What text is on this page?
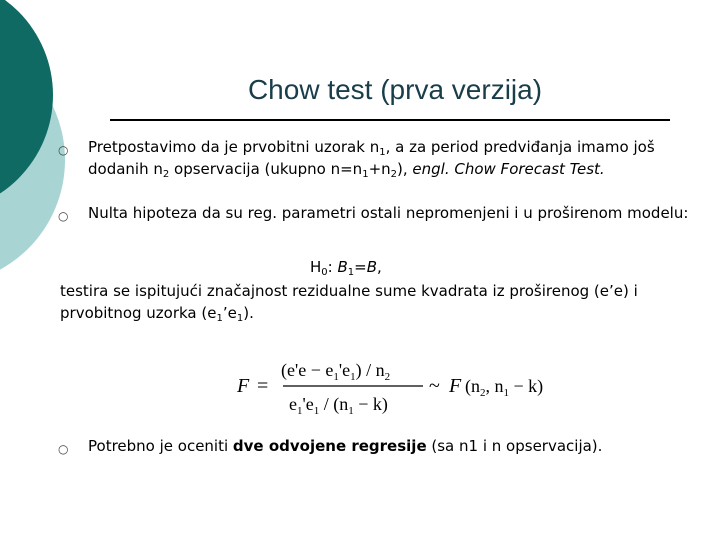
Chow test (prva verzija)
○ Pretpostavimo da je prvobitni uzorak $n_1$, a za period predviđanja imamo još dodanih $n_2$ opservacija (ukupno $n=n_1+n_2$), engl. Chow Forecast Test.
○ Nulta hipoteza da su reg. parametri ostali nepromenjeni i u proširenom modelu:
$H_0$: $B_1=B$,
testira se ispitujući značajnost rezidualne sume kvadrata iz proširenog (e’e) i prvobitnog uzorka $(e_1’e_1)$.
F =
$(e'e - e_1'e_1) / n_2$
$e_1'e_1 / (n_1 - k)$
~ F ($n_2$, $n_1 - k$)
○ Potrebno je oceniti dve odvojene regresije (sa n1 i n opservacija).
